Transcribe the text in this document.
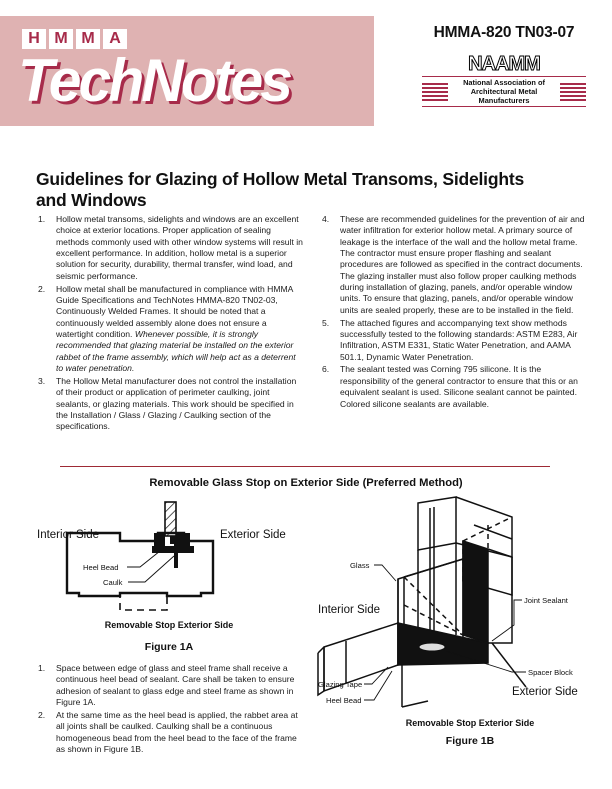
H M M A
TechNotes
HMMA-820 TN03-07
NAAMM
National Association of
Architectural Metal Manufacturers
Guidelines for Glazing of Hollow Metal Transoms, Sidelights and Windows
1.	Hollow metal transoms, sidelights and windows are an excellent choice at exterior locations. Proper application of sealing methods commonly used with other window systems will result in excellent performance. In addition, hollow metal is a superior solution for security, durability, thermal transfer, wind load, and seismic performance.
2.	Hollow metal shall be manufactured in compliance with HMMA Guide Specifications and TechNotes HMMA-820 TN02-03, Continuously Welded Frames. It should be noted that a continuously welded assembly alone does not ensure a watertight condition. Whenever possible, it is strongly recommended that glazing material be installed on the exterior rabbet of the frame assembly, which will help act as a deterrent to water penetration.
3.	The Hollow Metal manufacturer does not control the installation of their product or application of perimeter caulking, joint sealants, or glazing materials. This work should be specified in the Installation / Glass / Glazing / Caulking section of the specifications.
4.	These are recommended guidelines for the prevention of air and water infiltration for exterior hollow metal. A primary source of leakage is the interface of the wall and the hollow metal frame. The contractor must ensure proper flashing and sealant procedures are followed as specified in the contract documents. The glazing installer must also follow proper caulking methods during installation of glazing, panels, and/or operable window units. To ensure that glazing, panels, and/or operable window units are sealed properly, these are to be installed in the field.
5.	The attached figures and accompanying text show methods successfully tested to the following standards: ASTM E283, Air Infiltration, ASTM E331, Static Water Penetration, and AAMA 501.1, Dynamic Water Penetration.
6.	The sealant tested was Corning 795 silicone. It is the responsibility of the general contractor to ensure that this or an equivalent sealant is used. Silicone sealant cannot be painted. Colored silicone sealants are available.
Removable Glass Stop on Exterior Side (Preferred Method)
Interior Side	Exterior Side
Heel Bead
Caulk
Removable Stop Exterior Side
Figure 1A
Glass
Interior Side
Joint Sealant
Spacer Block
Exterior Side
Glazing Tape
Heel Bead
Removable Stop Exterior Side
Figure 1B
1.	Space between edge of glass and steel frame shall receive a continuous heel bead of sealant. Care shall be taken to ensure adhesion of sealant to glass edge and steel frame as shown in Figure 1A.
2.	At the same time as the heel bead is applied, the rabbet area at all joints shall be caulked. Caulking shall be a continuous homogeneous bead from the heel bead to the face of the frame as shown in Figure 1B.
